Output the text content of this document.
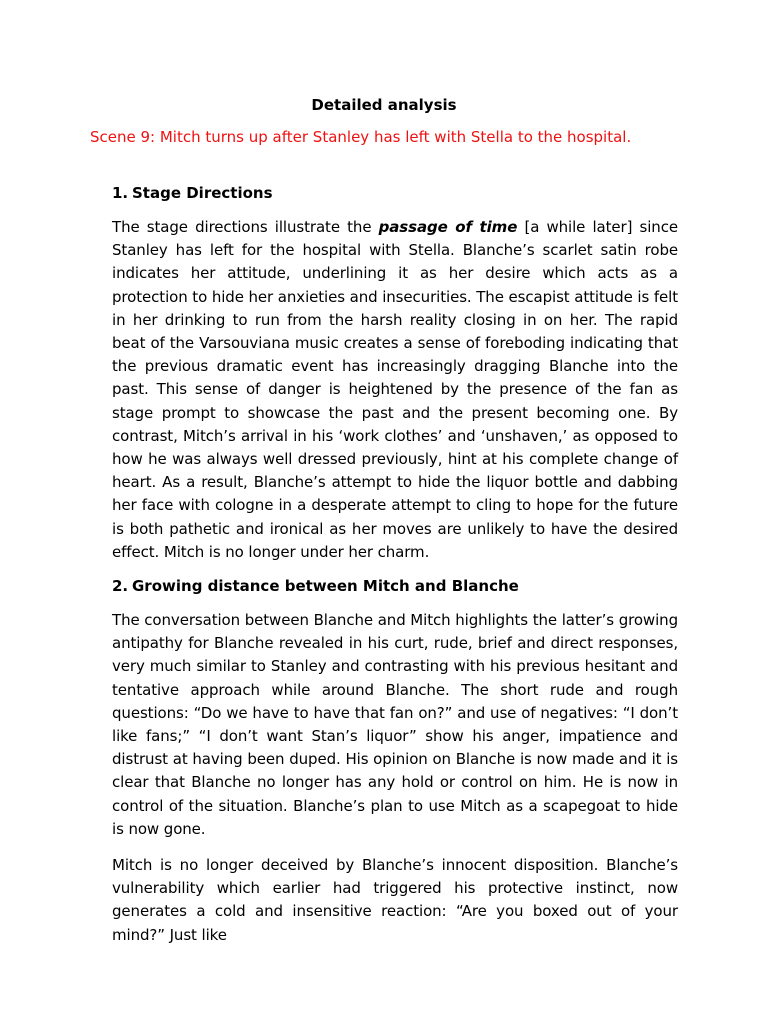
Detailed analysis
Scene 9: Mitch turns up after Stanley has left with Stella to the hospital.
1. Stage Directions

The stage directions illustrate the passage of time [a while later] since Stanley has left for the hospital with Stella. Blanche’s scarlet satin robe indicates her attitude, underlining it as her desire which acts as a protection to hide her anxieties and insecurities. The escapist attitude is felt in her drinking to run from the harsh reality closing in on her. The rapid beat of the Varsouviana music creates a sense of foreboding indicating that the previous dramatic event has increasingly dragging Blanche into the past. This sense of danger is heightened by the presence of the fan as stage prompt to showcase the past and the present becoming one. By contrast, Mitch’s arrival in his ‘work clothes’ and ‘unshaven,’ as opposed to how he was always well dressed previously, hint at his complete change of heart. As a result, Blanche’s attempt to hide the liquor bottle and dabbing her face with cologne in a desperate attempt to cling to hope for the future is both pathetic and ironical as her moves are unlikely to have the desired effect. Mitch is no longer under her charm.

2. Growing distance between Mitch and Blanche

The conversation between Blanche and Mitch highlights the latter’s growing antipathy for Blanche revealed in his curt, rude, brief and direct responses, very much similar to Stanley and contrasting with his previous hesitant and tentative approach while around Blanche. The short rude and rough questions: “Do we have to have that fan on?” and use of negatives: “I don’t like fans;” “I don’t want Stan’s liquor” show his anger, impatience and distrust at having been duped. His opinion on Blanche is now made and it is clear that Blanche no longer has any hold or control on him. He is now in control of the situation. Blanche’s plan to use Mitch as a scapegoat to hide is now gone.

Mitch is no longer deceived by Blanche’s innocent disposition. Blanche’s vulnerability which earlier had triggered his protective instinct, now generates a cold and insensitive reaction: “Are you boxed out of your mind?” Just like
